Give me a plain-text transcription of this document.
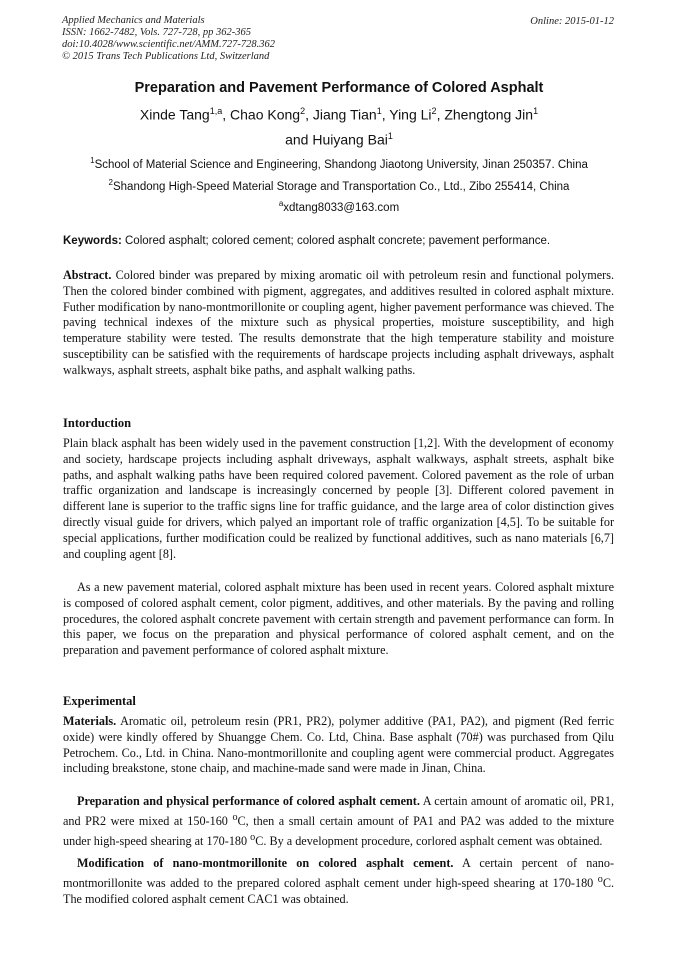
Applied Mechanics and Materials
ISSN: 1662-7482, Vols. 727-728, pp 362-365
doi:10.4028/www.scientific.net/AMM.727-728.362
© 2015 Trans Tech Publications Ltd, Switzerland
Online: 2015-01-12
Preparation and Pavement Performance of Colored Asphalt
Xinde Tang$^{1,a}$, Chao Kong$^2$, Jiang Tian$^1$, Ying Li$^2$, Zhengtong Jin$^1$
and Huiyang Bai$^1$
$^1$School of Material Science and Engineering, Shandong Jiaotong University, Jinan 250357. China
$^2$Shandong High-Speed Material Storage and Transportation Co., Ltd., Zibo 255414, China
$^a$xdtang8033@163.com
Keywords: Colored asphalt; colored cement; colored asphalt concrete; pavement performance.
Abstract. Colored binder was prepared by mixing aromatic oil with petroleum resin and functional polymers. Then the colored binder combined with pigment, aggregates, and additives resulted in colored asphalt mixture. Futher modification by nano-montmorillonite or coupling agent, higher pavement performance was chieved. The paving technical indexes of the mixture such as physical properties, moisture susceptibility, and high temperature stability were tested. The results demonstrate that the high temperature stability and moisture susceptibility can be satisfied with the requirements of hardscape projects including asphalt driveways, asphalt walkways, asphalt streets, asphalt bike paths, and asphalt walking paths.
Intorduction
Plain black asphalt has been widely used in the pavement construction [1,2]. With the development of economy and society, hardscape projects including asphalt driveways, asphalt walkways, asphalt streets, asphalt bike paths, and asphalt walking paths have been required colored pavement. Colored pavement as the role of urban traffic organization and landscape is increasingly concerned by people [3]. Different colored pavement in different lane is superior to the traffic signs line for traffic guidance, and the large area of color distinction gives directly visual guide for drivers, which palyed an important role of traffic organization [4,5]. To be suitable for special applications, further modification could be realized by functional additives, such as nano materials [6,7] and coupling agent [8].
As a new pavement material, colored asphalt mixture has been used in recent years. Colored asphalt mixture is composed of colored asphalt cement, color pigment, additives, and other materials. By the paving and rolling procedures, the colored asphalt concrete pavement with certain strength and pavement performance can form. In this paper, we focus on the preparation and physical performance of colored asphalt cement, and on the preparation and pavement performance of colored asphalt mixture.
Experimental
Materials. Aromatic oil, petroleum resin (PR1, PR2), polymer additive (PA1, PA2), and pigment (Red ferric oxide) were kindly offered by Shuangge Chem. Co. Ltd, China. Base asphalt (70#) was purchased from Qilu Petrochem. Co., Ltd. in China. Nano-montmorillonite and coupling agent were commercial product. Aggregates including breakstone, stone chaip, and machine-made sand were made in Jinan, China.
Preparation and physical performance of colored asphalt cement. A certain amount of aromatic oil, PR1, and PR2 were mixed at 150-160 $^o$C, then a small certain amount of PA1 and PA2 was added to the mixture under high-speed shearing at 170-180 $^o$C. By a development procedure, corlored asphalt cement was obtained.
Modification of nano-montmorillonite on colored asphalt cement. A certain percent of nano-montmorillonite was added to the prepared colored asphalt cement under high-speed shearing at 170-180 $^o$C. The modified colored asphalt cement CAC1 was obtained.
